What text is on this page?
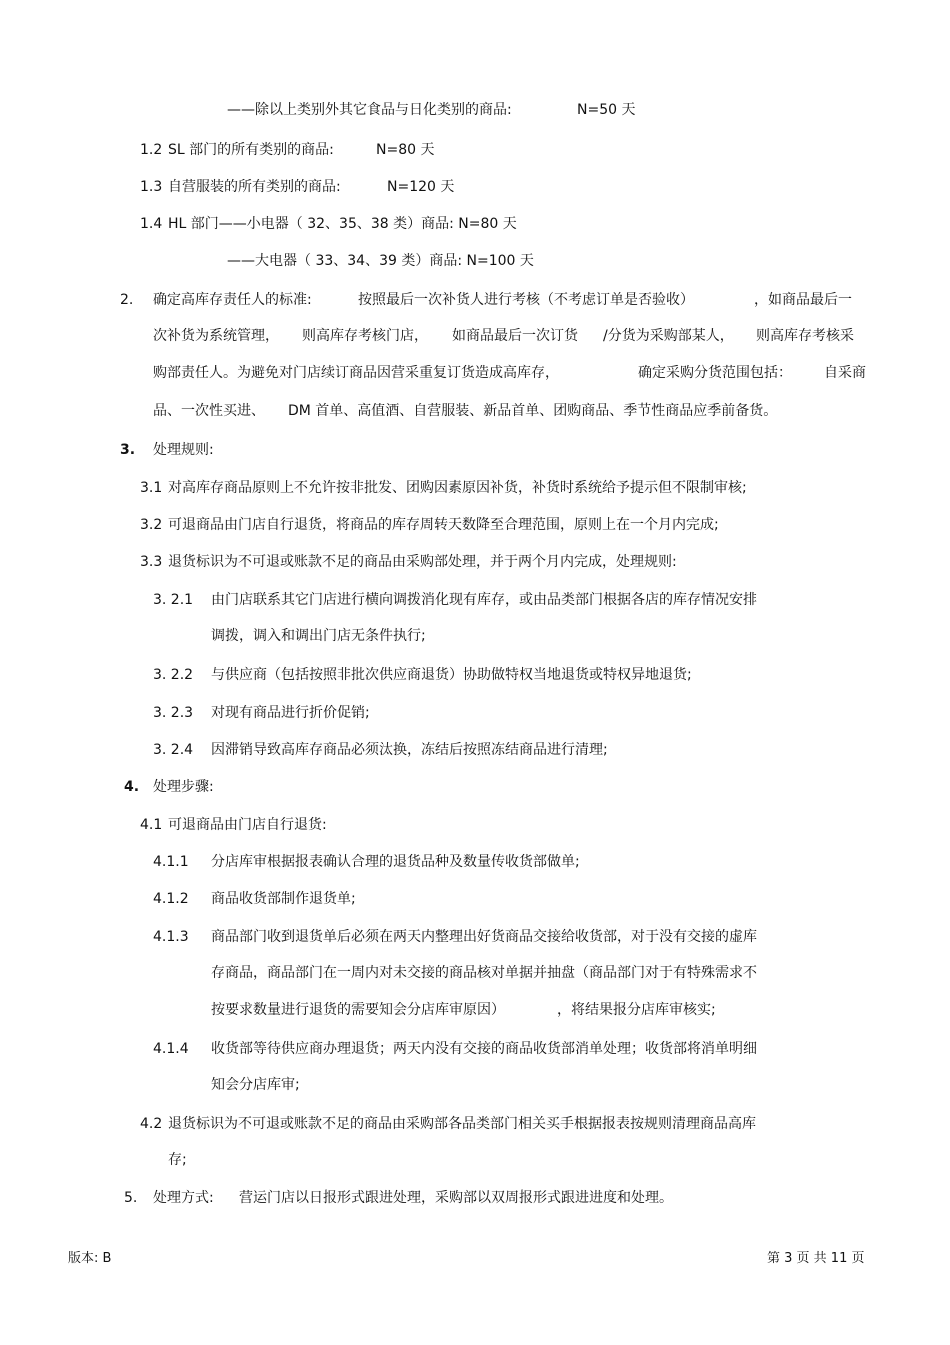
——除以上类别外其它食品与日化类别的商品:	N=50 天
1.2 SL 部门的所有类别的商品:	N=80 天
1.3 自营服装的所有类别的商品:	N=120 天
1.4 HL 部门——小电器（ 32、35、38 类）商品: N=80 天
——大电器（ 33、34、39 类）商品: N=100 天
2. 确定高库存责任人的标准:	按照最后一次补货人进行考核（不考虑订单是否验收）	，如商品最后一
次补货为系统管理， 则高库存考核门店， 如商品最后一次订货 /分货为采购部某人， 则高库存考核采
购部责任人。为避免对门店续订商品因营采重复订货造成高库存，	确定采购分货范围包括： 自采商
品、一次性买进、 DM 首单、高值酒、自营服装、新品首单、团购商品、季节性商品应季前备货。
3. 处理规则:
3.1 对高库存商品原则上不允许按非批发、团购因素原因补货，补货时系统给予提示但不限制审核;
3.2 可退商品由门店自行退货，将商品的库存周转天数降至合理范围，原则上在一个月内完成;
3.3 退货标识为不可退或账款不足的商品由采购部处理，并于两个月内完成，处理规则:
3. 2.1 由门店联系其它门店进行横向调拨消化现有库存，或由品类部门根据各店的库存情况安排
调拨，调入和调出门店无条件执行;
3. 2.2 与供应商（包括按照非批次供应商退货）协助做特权当地退货或特权异地退货;
3. 2.3 对现有商品进行折价促销;
3. 2.4 因滞销导致高库存商品必须汰换，冻结后按照冻结商品进行清理;
4. 处理步骤:
4.1 可退商品由门店自行退货:
4.1.1 分店库审根据报表确认合理的退货品种及数量传收货部做单;
4.1.2 商品收货部制作退货单;
4.1.3 商品部门收到退货单后必须在两天内整理出好货商品交接给收货部，对于没有交接的虚库
存商品，商品部门在一周内对未交接的商品核对单据并抽盘（商品部门对于有特殊需求不
按要求数量进行退货的需要知会分店库审原因）	，将结果报分店库审核实;
4.1.4 收货部等待供应商办理退货；两天内没有交接的商品收货部消单处理；收货部将消单明细
知会分店库审;
4.2 退货标识为不可退或账款不足的商品由采购部各品类部门相关买手根据报表按规则清理商品高库
存;
5. 处理方式: 营运门店以日报形式跟进处理，采购部以双周报形式跟进进度和处理。
版本: B	第 3 页 共 11 页
